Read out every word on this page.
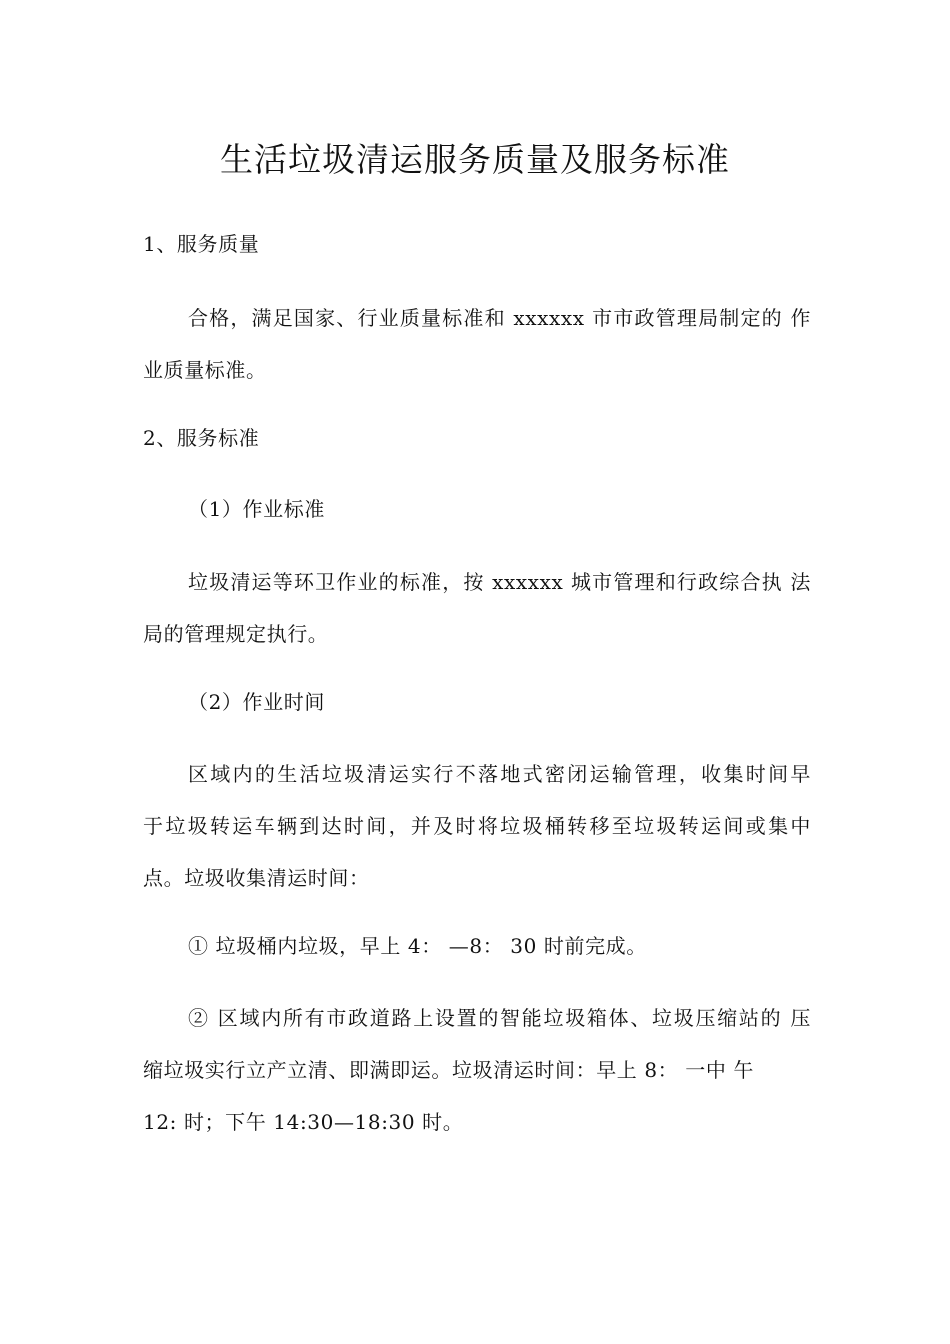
生活垃圾清运服务质量及服务标准

1、服务质量

合格，满足国家、行业质量标准和 xxxxxx 市市政管理局制定的 作
业质量标准。

2、服务标准

（1）作业标准

垃圾清运等环卫作业的标准，按 xxxxxx 城市管理和行政综合执 法
局的管理规定执行。

（2）作业时间

区域内的生活垃圾清运实行不落地式密闭运输管理，收集时间早
于垃圾转运车辆到达时间，并及时将垃圾桶转移至垃圾转运间或集中
点。垃圾收集清运时间：

① 垃圾桶内垃圾，早上 4： —8： 30 时前完成。

② 区域内所有市政道路上设置的智能垃圾箱体、垃圾压缩站的 压
缩垃圾实行立产立清、即满即运。垃圾清运时间：早上 8： 一中 午
12: 时；下午 14:30—18:30 时。
